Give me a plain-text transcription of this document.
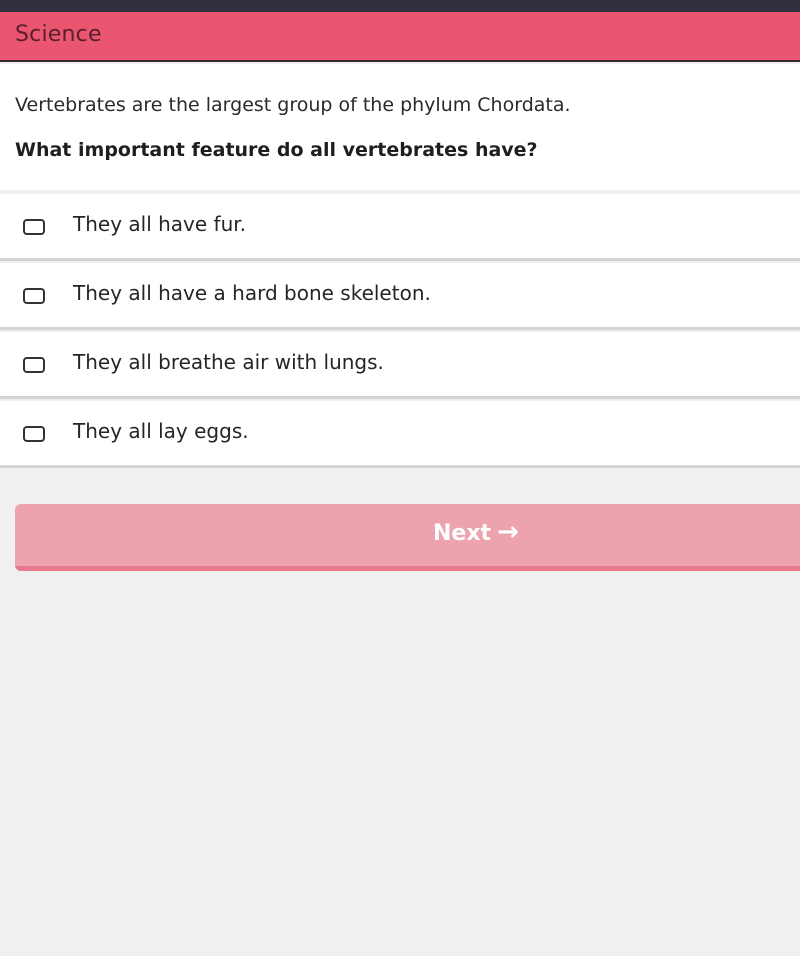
Science
Vertebrates are the largest group of the phylum Chordata.
What important feature do all vertebrates have?
They all have fur.
They all have a hard bone skeleton.
They all breathe air with lungs.
They all lay eggs.
Next →
